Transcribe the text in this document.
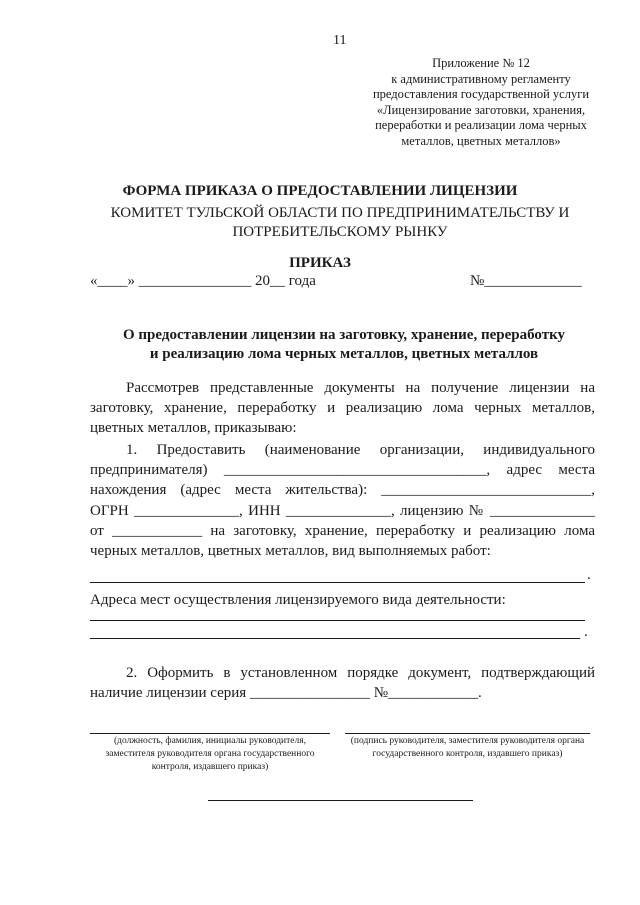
11
Приложение № 12
к административному регламенту
предоставления государственной услуги
«Лицензирование заготовки, хранения,
переработки и реализации лома черных
металлов, цветных металлов»
ФОРМА ПРИКАЗА О ПРЕДОСТАВЛЕНИИ ЛИЦЕНЗИИ
КОМИТЕТ ТУЛЬСКОЙ ОБЛАСТИ ПО ПРЕДПРИНИМАТЕЛЬСТВУ И
ПОТРЕБИТЕЛЬСКОМУ РЫНКУ
ПРИКАЗ
«____» _______________ 20__ года	№_____________
О предоставлении лицензии на заготовку, хранение, переработку
и реализацию лома черных металлов, цветных металлов
Рассмотрев представленные документы на получение лицензии на заготовку, хранение, переработку и реализацию лома черных металлов, цветных металлов, приказываю:
1. Предоставить (наименование организации, индивидуального предпринимателя) ___________________________________, адрес места нахождения (адрес места жительства): ____________________________, ОГРН ______________, ИНН ______________, лицензию № ______________ от ____________ на заготовку, хранение, переработку и реализацию лома черных металлов, цветных металлов, вид выполняемых работ:
.
Адреса мест осуществления лицензируемого вида деятельности:
.
2. Оформить в установленном порядке документ, подтверждающий наличие лицензии серия ________________ №____________.
(должность, фамилия, инициалы руководителя, заместителя руководителя органа государственного контроля, издавшего приказ)
(подпись руководителя, заместителя руководителя органа государственного контроля, издавшего приказ)
